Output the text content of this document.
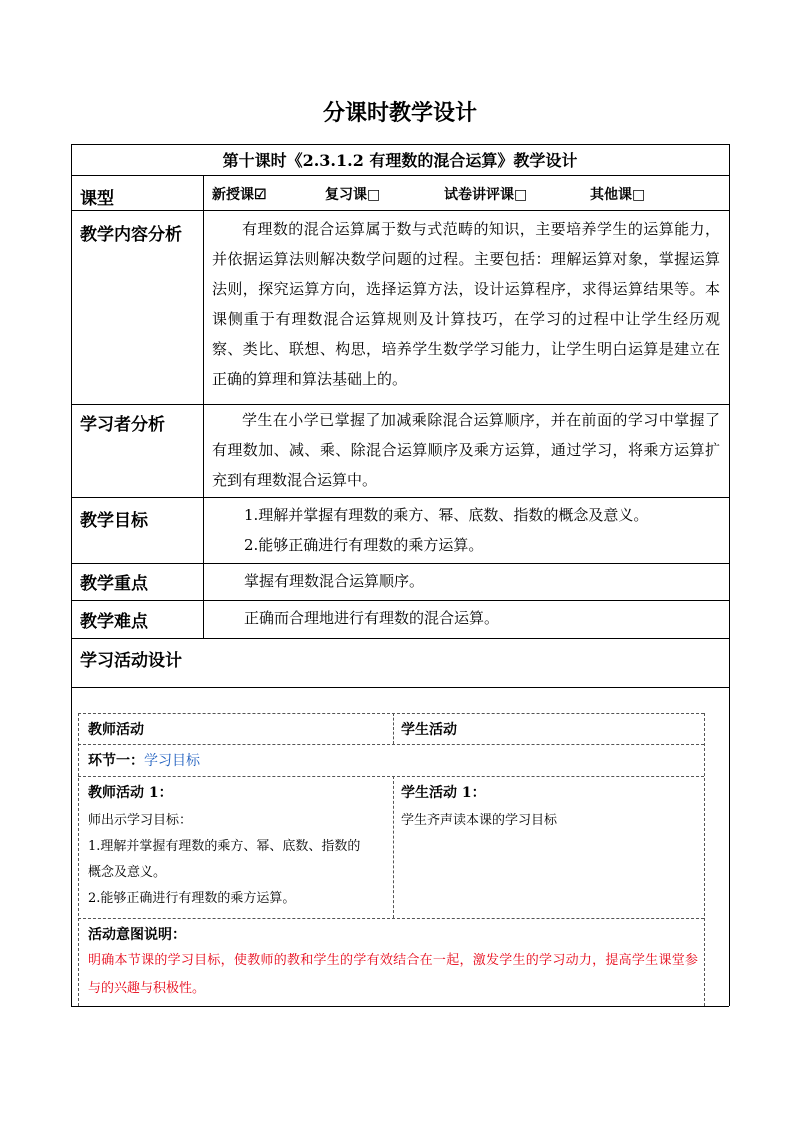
分课时教学设计
第十课时《2.3.1.2 有理数的混合运算》教学设计
课型	新授课☑	复习课□	试卷讲评课□	其他课□
教学内容分析	有理数的混合运算属于数与式范畴的知识，主要培养学生的运算能力，并依据运算法则解决数学问题的过程。主要包括：理解运算对象，掌握运算法则，探究运算方向，选择运算方法，设计运算程序，求得运算结果等。本课侧重于有理数混合运算规则及计算技巧，在学习的过程中让学生经历观察、类比、联想、构思，培养学生数学学习能力，让学生明白运算是建立在正确的算理和算法基础上的。
学习者分析	学生在小学已掌握了加减乘除混合运算顺序，并在前面的学习中掌握了有理数加、减、乘、除混合运算顺序及乘方运算，通过学习，将乘方运算扩充到有理数混合运算中。
教学目标	1.理解并掌握有理数的乘方、幂、底数、指数的概念及意义。
2.能够正确进行有理数的乘方运算。
教学重点	掌握有理数混合运算顺序。
教学难点	正确而合理地进行有理数的混合运算。
学习活动设计
教师活动	学生活动
环节一：学习目标
教师活动 1：
师出示学习目标：
1.理解并掌握有理数的乘方、幂、底数、指数的
概念及意义。
2.能够正确进行有理数的乘方运算。
学生活动 1：
学生齐声读本课的学习目标
活动意图说明：
明确本节课的学习目标，使教师的教和学生的学有效结合在一起，激发学生的学习动力，提高学生课堂参与的兴趣与积极性。
